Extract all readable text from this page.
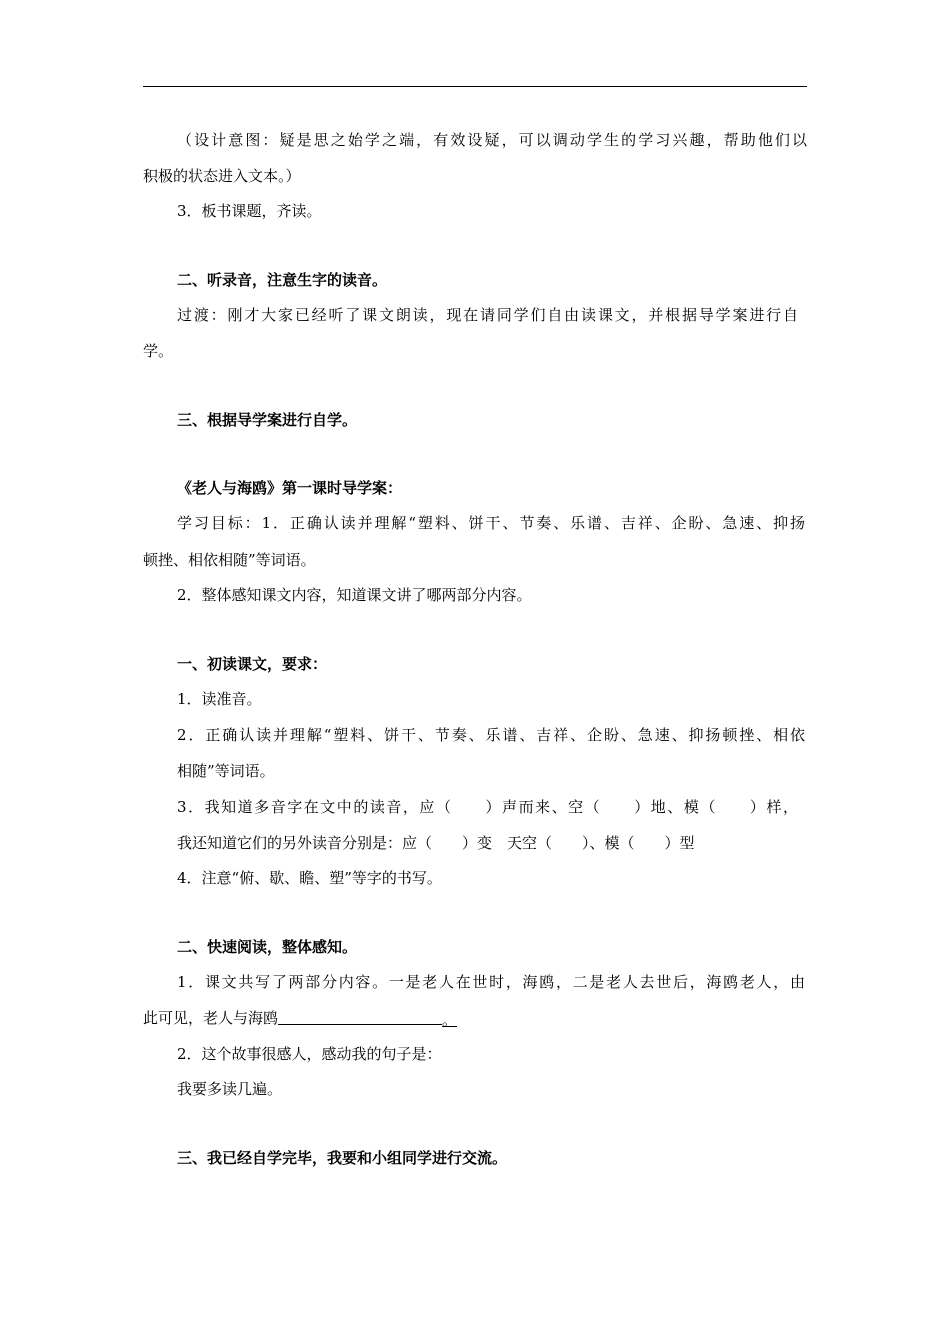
（设计意图：疑是思之始学之端，有效设疑，可以调动学生的学习兴趣，帮助他们以
积极的状态进入文本。）
3．板书课题，齐读。
二、听录音，注意生字的读音。
过渡：刚才大家已经听了课文朗读，现在请同学们自由读课文，并根据导学案进行自
学。
三、根据导学案进行自学。
《老人与海鸥》第一课时导学案：
学习目标：1．正确认读并理解“塑料、饼干、节奏、乐谱、吉祥、企盼、急速、抑扬
顿挫、相依相随”等词语。
2．整体感知课文内容，知道课文讲了哪两部分内容。
一、初读课文，要求：
1．读准音。
2．正确认读并理解“塑料、饼干、节奏、乐谱、吉祥、企盼、急速、抑扬顿挫、相依
相随”等词语。
3．我知道多音字在文中的读音，应（　　）声而来、空（　　）地、模（　　）样，
我还知道它们的另外读音分别是：应（　　）变　天空（　　）、模（　　）型
4．注意“俯、歇、瞻、塑”等字的书写。
二、快速阅读，整体感知。
1．课文共写了两部分内容。一是老人在世时，海鸥，二是老人去世后，海鸥老人，由
此可见，老人与海鸥	。
2．这个故事很感人，感动我的句子是：
我要多读几遍。
三、我已经自学完毕，我要和小组同学进行交流。
